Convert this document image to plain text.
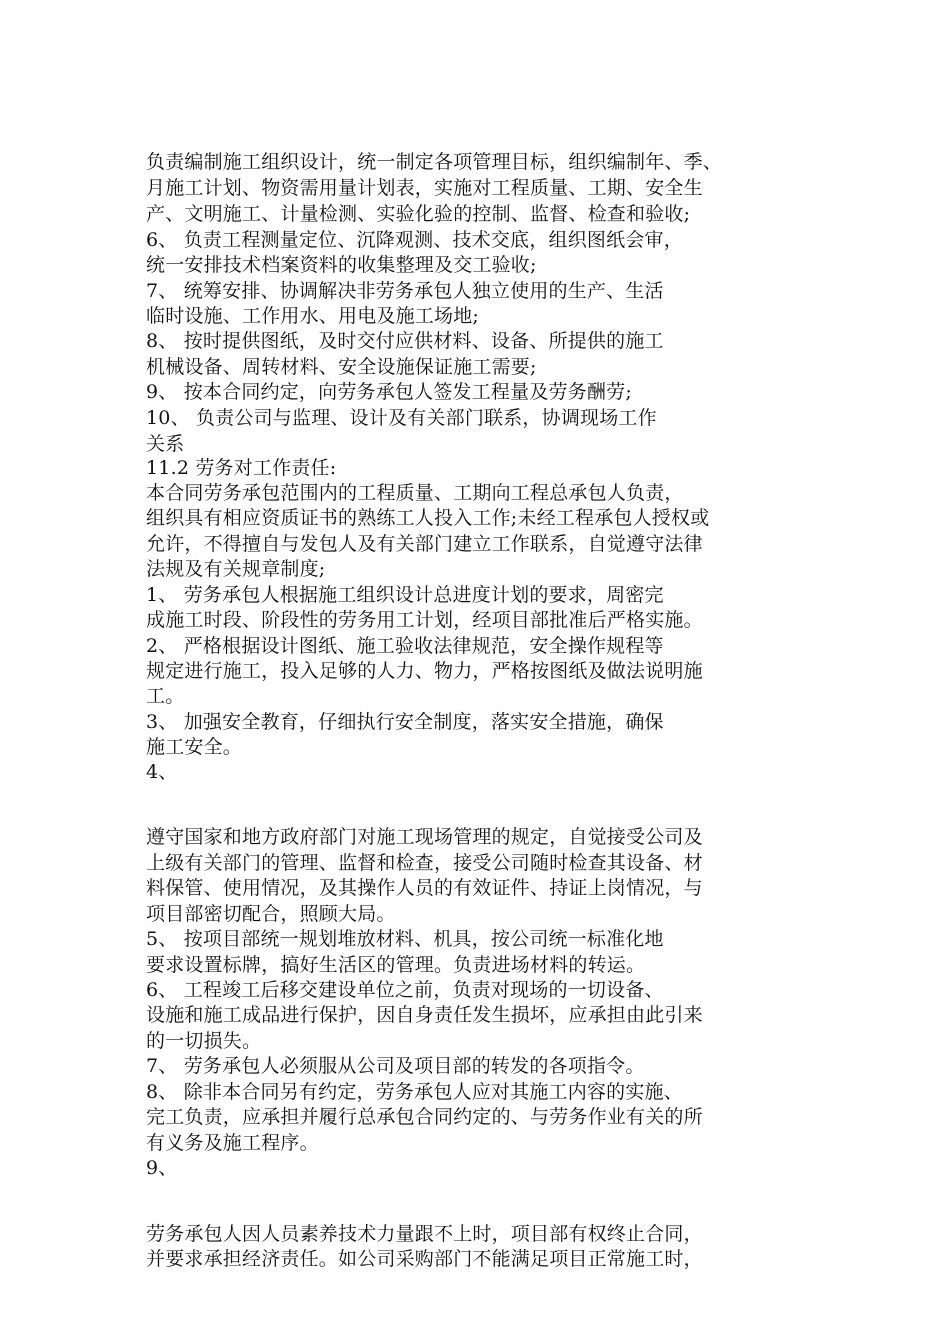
负责编制施工组织设计，统一制定各项管理目标，组织编制年、季、
月施工计划、物资需用量计划表，实施对工程质量、工期、安全生
产、文明施工、计量检测、实验化验的控制、监督、检查和验收;
6、 负责工程测量定位、沉降观测、技术交底，组织图纸会审，
统一安排技术档案资料的收集整理及交工验收;
7、 统筹安排、协调解决非劳务承包人独立使用的生产、生活
临时设施、工作用水、用电及施工场地;
8、 按时提供图纸，及时交付应供材料、设备、所提供的施工
机械设备、周转材料、安全设施保证施工需要;
9、 按本合同约定，向劳务承包人签发工程量及劳务酬劳;
10、 负责公司与监理、设计及有关部门联系，协调现场工作
关系
11.2 劳务对工作责任:
本合同劳务承包范围内的工程质量、工期向工程总承包人负责，
组织具有相应资质证书的熟练工人投入工作;未经工程承包人授权或
允许，不得擅自与发包人及有关部门建立工作联系，自觉遵守法律
法规及有关规章制度;
1、 劳务承包人根据施工组织设计总进度计划的要求，周密完
成施工时段、阶段性的劳务用工计划，经项目部批准后严格实施。
2、 严格根据设计图纸、施工验收法律规范，安全操作规程等
规定进行施工，投入足够的人力、物力，严格按图纸及做法说明施
工。
3、 加强安全教育，仔细执行安全制度，落实安全措施，确保
施工安全。
4、
遵守国家和地方政府部门对施工现场管理的规定，自觉接受公司及
上级有关部门的管理、监督和检查，接受公司随时检查其设备、材
料保管、使用情况，及其操作人员的有效证件、持证上岗情况，与
项目部密切配合，照顾大局。
5、 按项目部统一规划堆放材料、机具，按公司统一标准化地
要求设置标牌，搞好生活区的管理。负责进场材料的转运。
6、 工程竣工后移交建设单位之前，负责对现场的一切设备、
设施和施工成品进行保护，因自身责任发生损坏，应承担由此引来
的一切损失。
7、 劳务承包人必须服从公司及项目部的转发的各项指令。
8、 除非本合同另有约定，劳务承包人应对其施工内容的实施、
完工负责，应承担并履行总承包合同约定的、与劳务作业有关的所
有义务及施工程序。
9、
劳务承包人因人员素养技术力量跟不上时，项目部有权终止合同，
并要求承担经济责任。如公司采购部门不能满足项目正常施工时，
